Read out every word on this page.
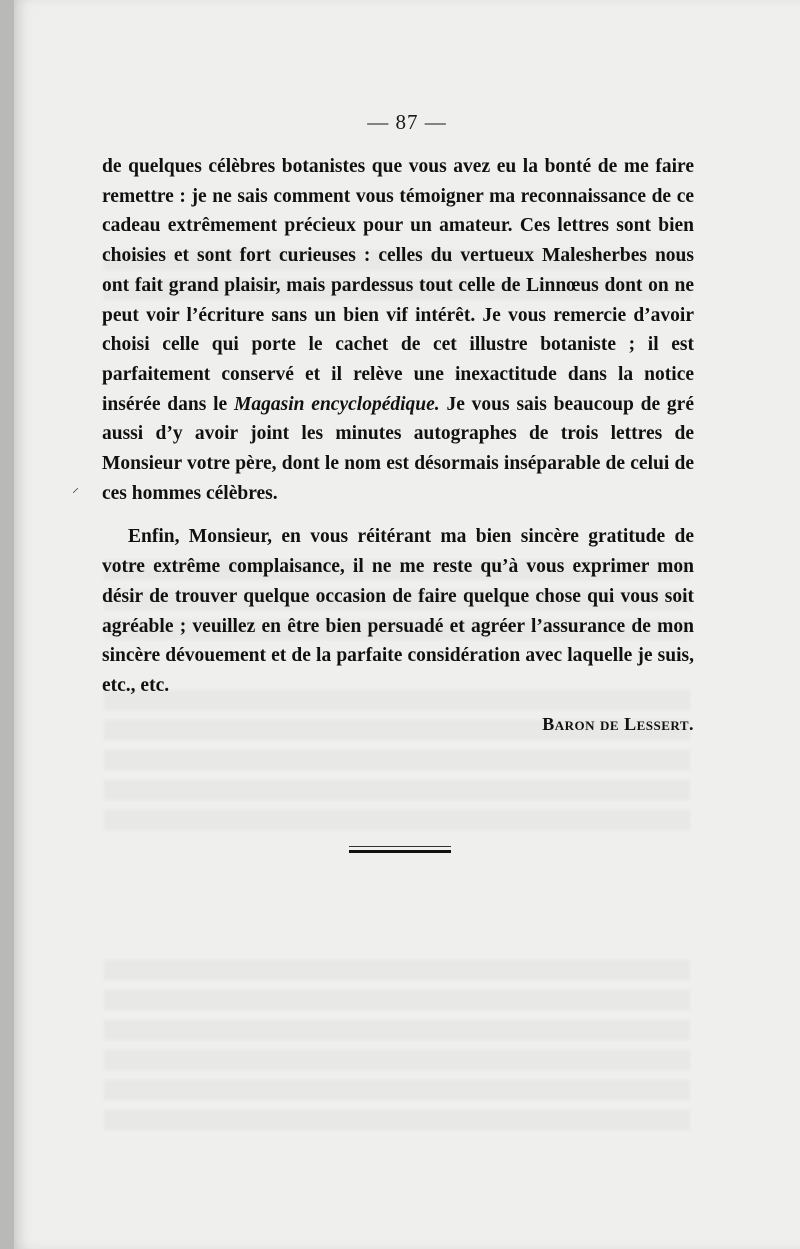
— 87 —

de quelques célèbres botanistes que vous avez eu la bonté de me faire remettre : je ne sais comment vous témoigner ma reconnaissance de ce cadeau extrêmement précieux pour un amateur. Ces lettres sont bien choisies et sont fort curieuses : celles du vertueux Malesherbes nous ont fait grand plaisir, mais pardessus tout celle de Linnœus dont on ne peut voir l’écriture sans un bien vif intérêt. Je vous remercie d’avoir choisi celle qui porte le cachet de cet illustre botaniste ; il est parfaitement conservé et il relève une inexactitude dans la notice insérée dans le Magasin encyclopédique. Je vous sais beaucoup de gré aussi d’y avoir joint les minutes autographes de trois lettres de Monsieur votre père, dont le nom est désormais inséparable de celui de ces hommes célèbres.

Enfin, Monsieur, en vous réitérant ma bien sincère gratitude de votre extrême complaisance, il ne me reste qu’à vous exprimer mon désir de trouver quelque occasion de faire quelque chose qui vous soit agréable ; veuillez en être bien persuadé et agréer l’assurance de mon sincère dévouement et de la parfaite considération avec laquelle je suis, etc., etc.

Baron de Lessert.
⸝
